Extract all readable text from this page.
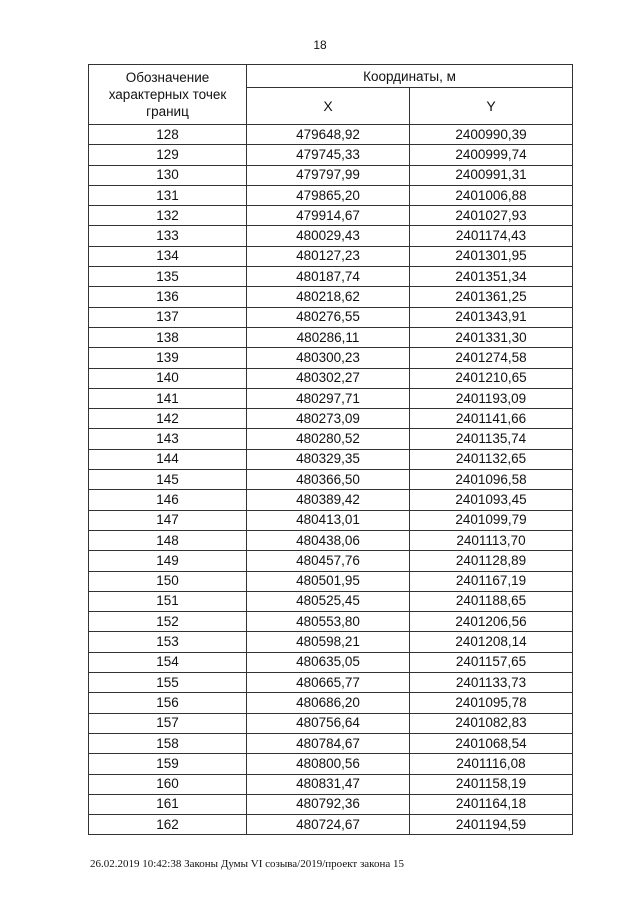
18
Обозначение характерных точек границ	Координаты, м	
	X	Y
128	479648,92	2400990,39
129	479745,33	2400999,74
130	479797,99	2400991,31
131	479865,20	2401006,88
132	479914,67	2401027,93
133	480029,43	2401174,43
134	480127,23	2401301,95
135	480187,74	2401351,34
136	480218,62	2401361,25
137	480276,55	2401343,91
138	480286,11	2401331,30
139	480300,23	2401274,58
140	480302,27	2401210,65
141	480297,71	2401193,09
142	480273,09	2401141,66
143	480280,52	2401135,74
144	480329,35	2401132,65
145	480366,50	2401096,58
146	480389,42	2401093,45
147	480413,01	2401099,79
148	480438,06	2401113,70
149	480457,76	2401128,89
150	480501,95	2401167,19
151	480525,45	2401188,65
152	480553,80	2401206,56
153	480598,21	2401208,14
154	480635,05	2401157,65
155	480665,77	2401133,73
156	480686,20	2401095,78
157	480756,64	2401082,83
158	480784,67	2401068,54
159	480800,56	2401116,08
160	480831,47	2401158,19
161	480792,36	2401164,18
162	480724,67	2401194,59
26.02.2019 10:42:38 Законы Думы VI созыва/2019/проект закона 15
